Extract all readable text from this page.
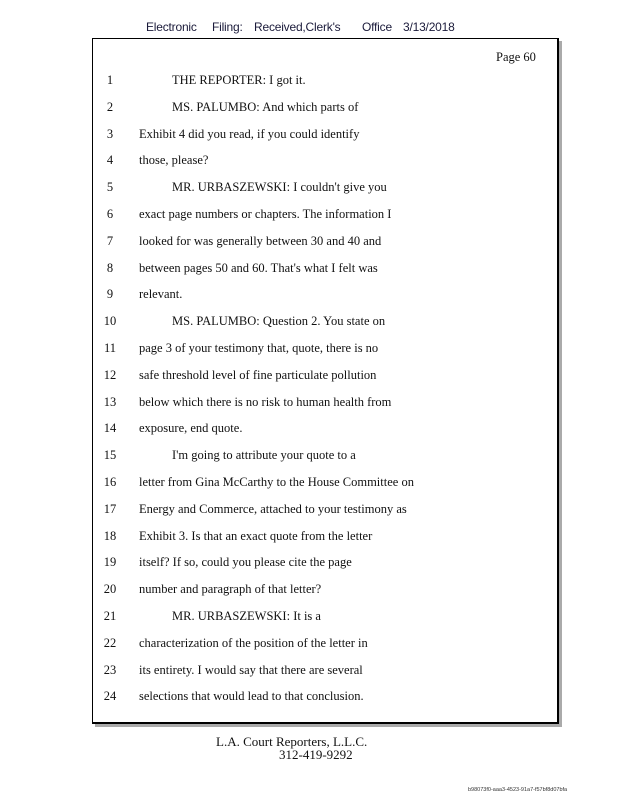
Electronic	Filing: Received,Clerk's	Office 3/13/2018
Page 60
1	THE REPORTER: I got it.
2	MS. PALUMBO: And which parts of
3	Exhibit 4 did you read, if you could identify
4	those, please?
5	MR. URBASZEWSKI: I couldn't give you
6	exact page numbers or chapters. The information I
7	looked for was generally between 30 and 40 and
8	between pages 50 and 60. That's what I felt was
9	relevant.
10	MS. PALUMBO: Question 2. You state on
11 page 3 of your testimony that, quote, there is no
12 safe threshold level of fine particulate pollution
13 below which there is no risk to human health from
14 exposure, end quote.
15	I'm going to attribute your quote to a
16 letter from Gina McCarthy to the House Committee on
17 Energy and Commerce, attached to your testimony as
18 Exhibit 3. Is that an exact quote from the letter
19 itself? If so, could you please cite the page
20 number and paragraph of that letter?
21	MR. URBASZEWSKI: It is a
22 characterization of the position of the letter in
23 its entirety. I would say that there are several
24 selections that would lead to that conclusion.
L.A. Court Reporters, L.L.C.
312-419-9292
b98073f0-aaa3-4523-91a7-f57bf8d07bfa
